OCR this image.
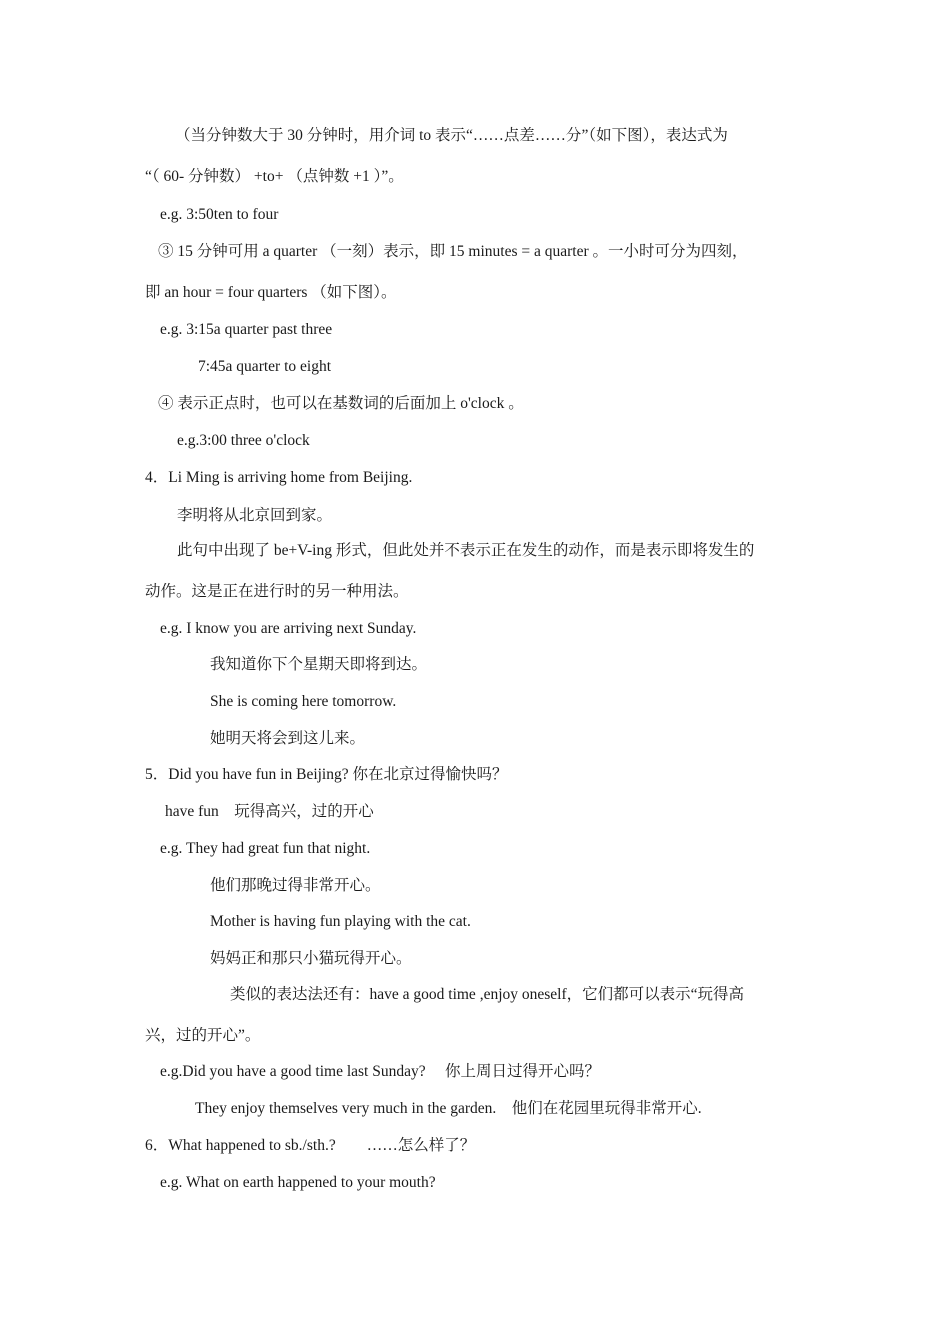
（当分钟数大于 30 分钟时，用介词 to 表示“……点差……分”（如下图），表达式为
“（ 60- 分钟数） +to+ （点钟数 +1 ）”。
e.g. 3:50ten to four
③ 15 分钟可用 a quarter （一刻）表示，即 15 minutes = a quarter 。一小时可分为四刻，
即 an hour = four quarters （如下图）。
e.g. 3:15a quarter past three
7:45a quarter to eight
④ 表示正点时，也可以在基数词的后面加上 o'clock 。
e.g.3:00 three o'clock
4．Li Ming is arriving home from Beijing.
李明将从北京回到家。
此句中出现了 be+V-ing 形式，但此处并不表示正在发生的动作，而是表示即将发生的
动作。这是正在进行时的另一种用法。
e.g. I know you are arriving next Sunday.
我知道你下个星期天即将到达。
She is coming here tomorrow.
她明天将会到这儿来。
5．Did you have fun in Beijing? 你在北京过得愉快吗？
have fun    玩得高兴，过的开心
e.g. They had great fun that night.
他们那晚过得非常开心。
Mother is having fun playing with the cat.
妈妈正和那只小猫玩得开心。
类似的表达法还有：have a good time ,enjoy oneself，它们都可以表示“玩得高
兴，过的开心”。
e.g.Did you have a good time last Sunday?     你上周日过得开心吗？
They enjoy themselves very much in the garden.    他们在花园里玩得非常开心.
6．What happened to sb./sth.?        ……怎么样了？
e.g. What on earth happened to your mouth?
